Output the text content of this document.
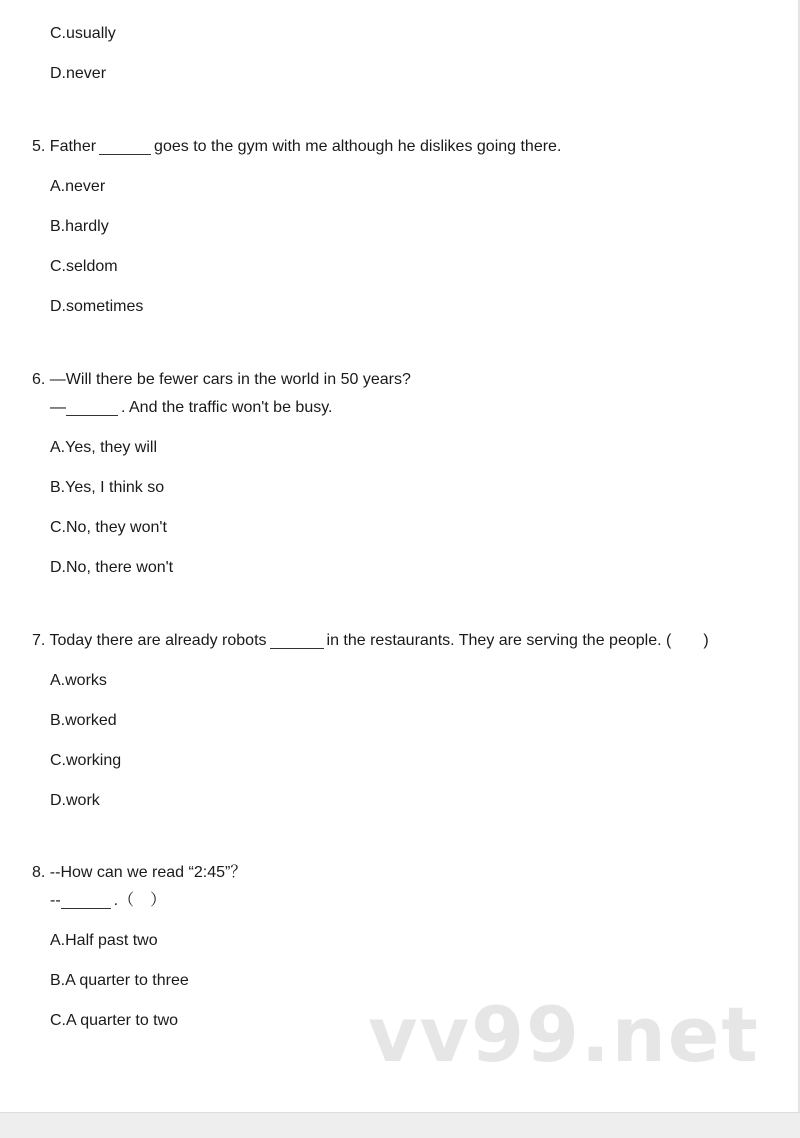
C.usually
D.never
5. Father	goes to the gym with me although he dislikes going there.
A.never
B.hardly
C.seldom
D.sometimes
6. —Will there be fewer cars in the world in 50 years?
—	. And the traffic won't be busy.
A.Yes, they will
B.Yes, I think so
C.No, they won't
D.No, there won't
7. Today there are already robots	in the restaurants. They are serving the people. (　　)
A.works
B.worked
C.working
D.work
8. --How can we read “2:45”？
--	.（　）
A.Half past two
B.A quarter to three
C.A quarter to two vv99.net
